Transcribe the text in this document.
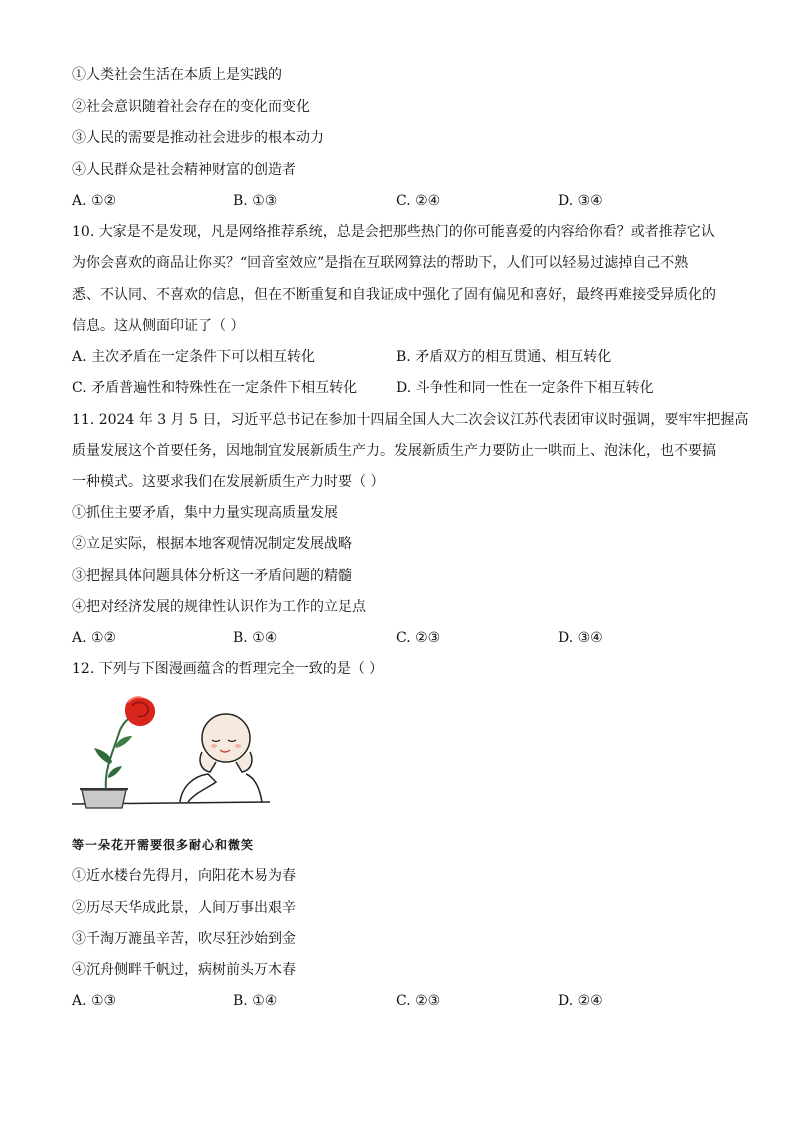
①人类社会生活在本质上是实践的
②社会意识随着社会存在的变化而变化
③人民的需要是推动社会进步的根本动力
④人民群众是社会精神财富的创造者
A. ①②	B. ①③	C. ②④	D. ③④
10. 大家是不是发现，凡是网络推荐系统，总是会把那些热门的你可能喜爱的内容给你看？或者推荐它认
为你会喜欢的商品让你买？“回音室效应”是指在互联网算法的帮助下，人们可以轻易过滤掉自己不熟
悉、不认同、不喜欢的信息，但在不断重复和自我证成中强化了固有偏见和喜好，最终再难接受异质化的
信息。这从侧面印证了（ ）
A. 主次矛盾在一定条件下可以相互转化	B. 矛盾双方的相互贯通、相互转化
C. 矛盾普遍性和特殊性在一定条件下相互转化	D. 斗争性和同一性在一定条件下相互转化
11. 2024 年 3 月 5 日，习近平总书记在参加十四届全国人大二次会议江苏代表团审议时强调，要牢牢把握高
质量发展这个首要任务，因地制宜发展新质生产力。发展新质生产力要防止一哄而上、泡沫化，也不要搞
一种模式。这要求我们在发展新质生产力时要（ ）
①抓住主要矛盾，集中力量实现高质量发展
②立足实际，根据本地客观情况制定发展战略
③把握具体问题具体分析这一矛盾问题的精髓
④把对经济发展的规律性认识作为工作的立足点
A. ①②	B. ①④	C. ②③	D. ③④
12. 下列与下图漫画蕴含的哲理完全一致的是（ ）
等一朵花开需要很多耐心和微笑
①近水楼台先得月，向阳花木易为春
②历尽天华成此景，人间万事出艰辛
③千淘万漉虽辛苦，吹尽狂沙始到金
④沉舟侧畔千帆过，病树前头万木春
A. ①③	B. ①④	C. ②③	D. ②④
